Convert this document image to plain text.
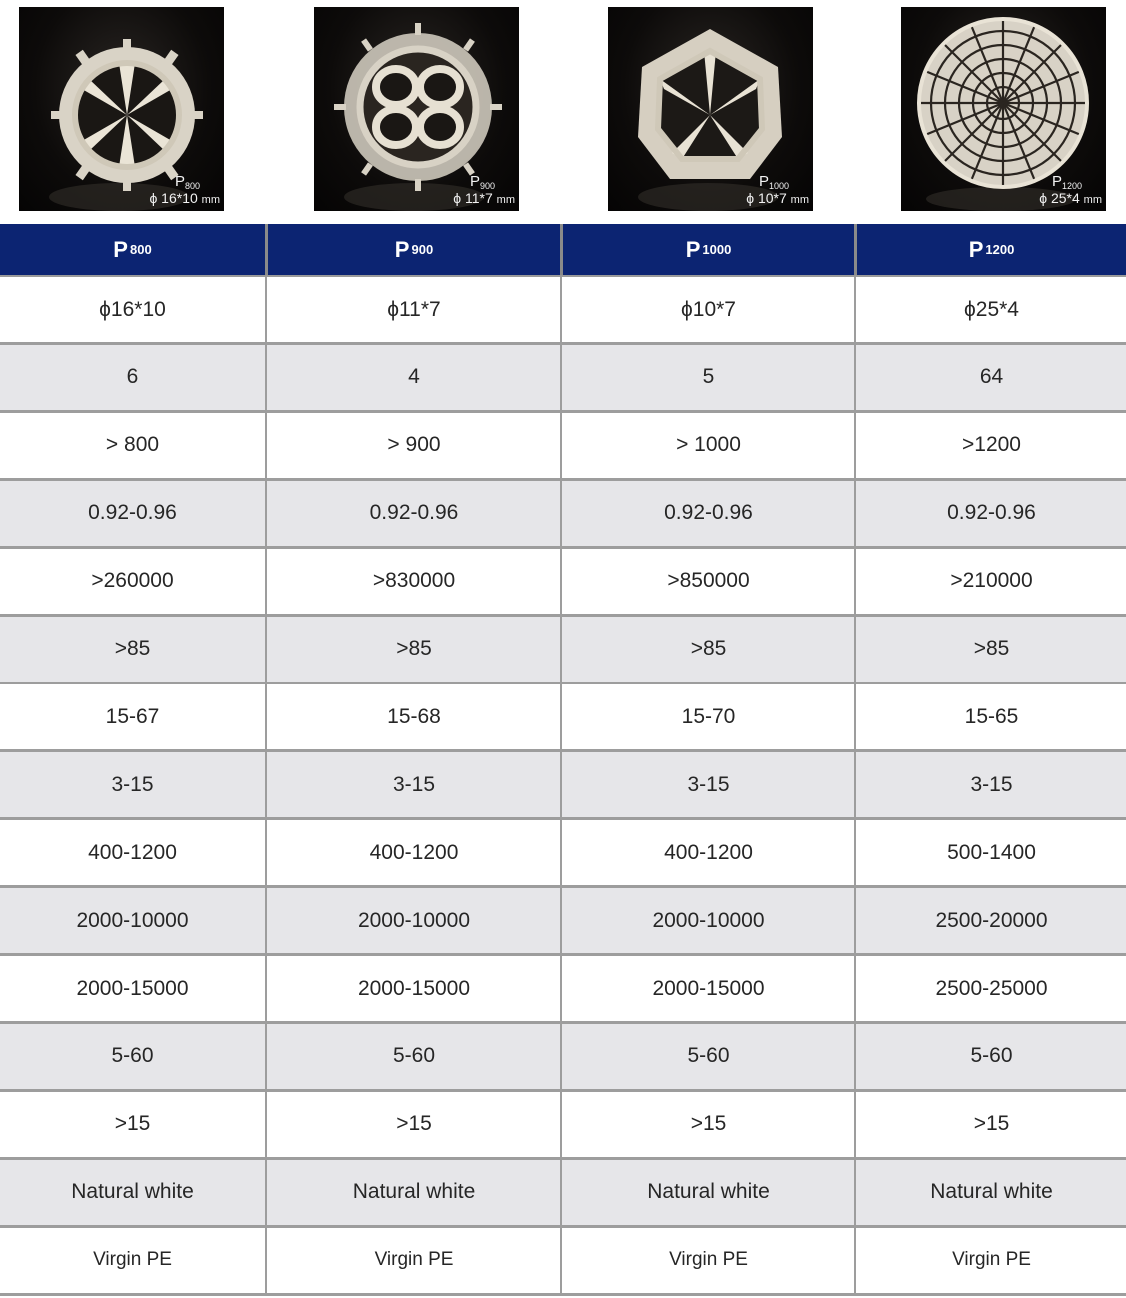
$P_{800}$
ϕ 16*10 mm
$P_{900}$
ϕ 11*7 mm
$P_{1000}$
ϕ 10*7 mm
$P_{1200}$
ϕ 25*4 mm
P 800	P 900	P 1000	P 1200
ϕ16*10	ϕ11*7	ϕ10*7	ϕ25*4
6	4	5	64
> 800	> 900	> 1000	>1200
0.92-0.96	0.92-0.96	0.92-0.96	0.92-0.96
>260000	>830000	>850000	>210000
>85	>85	>85	>85
15-67	15-68	15-70	15-65
3-15	3-15	3-15	3-15
400-1200	400-1200	400-1200	500-1400
2000-10000	2000-10000	2000-10000	2500-20000
2000-15000	2000-15000	2000-15000	2500-25000
5-60	5-60	5-60	5-60
>15	>15	>15	>15
Natural white	Natural white	Natural white	Natural white
Virgin PE	Virgin PE	Virgin PE	Virgin PE
